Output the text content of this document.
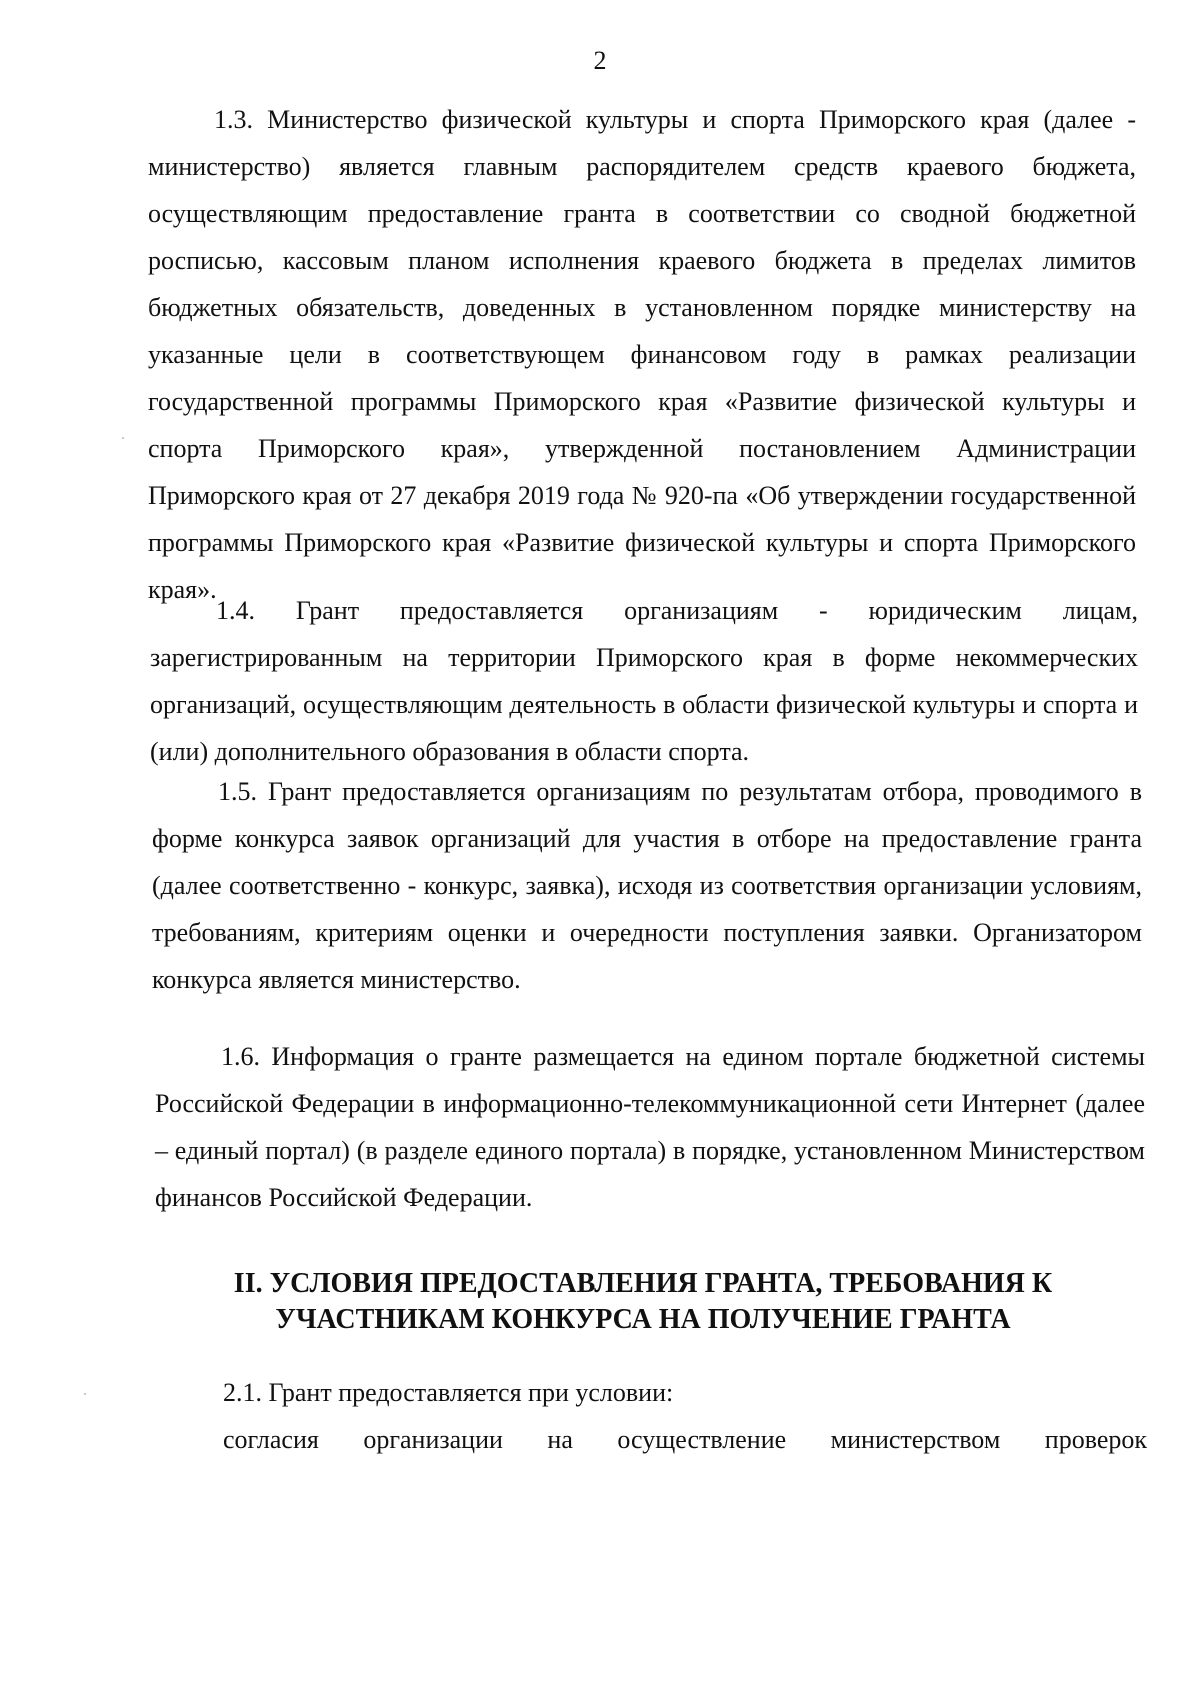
2

1.3. Министерство физической культуры и спорта Приморского края (далее - министерство) является главным распорядителем средств краевого бюджета, осуществляющим предоставление гранта в соответствии со сводной бюджетной росписью, кассовым планом исполнения краевого бюджета в пределах лимитов бюджетных обязательств, доведенных в установленном порядке министерству на указанные цели в соответствующем финансовом году в рамках реализации государственной программы Приморского края «Развитие физической культуры и спорта Приморского края», утвержденной постановлением Администрации Приморского края от 27 декабря 2019 года № 920-па «Об утверждении государственной программы Приморского края «Развитие физической культуры и спорта Приморского края».

1.4. Грант предоставляется организациям - юридическим лицам, зарегистрированным на территории Приморского края в форме некоммерческих организаций, осуществляющим деятельность в области физической культуры и спорта и (или) дополнительного образования в области спорта.

1.5. Грант предоставляется организациям по результатам отбора, проводимого в форме конкурса заявок организаций для участия в отборе на предоставление гранта (далее соответственно - конкурс, заявка), исходя из соответствия организации условиям, требованиям, критериям оценки и очередности поступления заявки. Организатором конкурса является министерство.

1.6. Информация о гранте размещается на едином портале бюджетной системы Российской Федерации в информационно-телекоммуникационной сети Интернет (далее – единый портал) (в разделе единого портала) в порядке, установленном Министерством финансов Российской Федерации.

II. УСЛОВИЯ ПРЕДОСТАВЛЕНИЯ ГРАНТА, ТРЕБОВАНИЯ К

УЧАСТНИКАМ КОНКУРСА НА ПОЛУЧЕНИЕ ГРАНТА

2.1. Грант предоставляется при условии:

согласия организации на осуществление министерством проверок
